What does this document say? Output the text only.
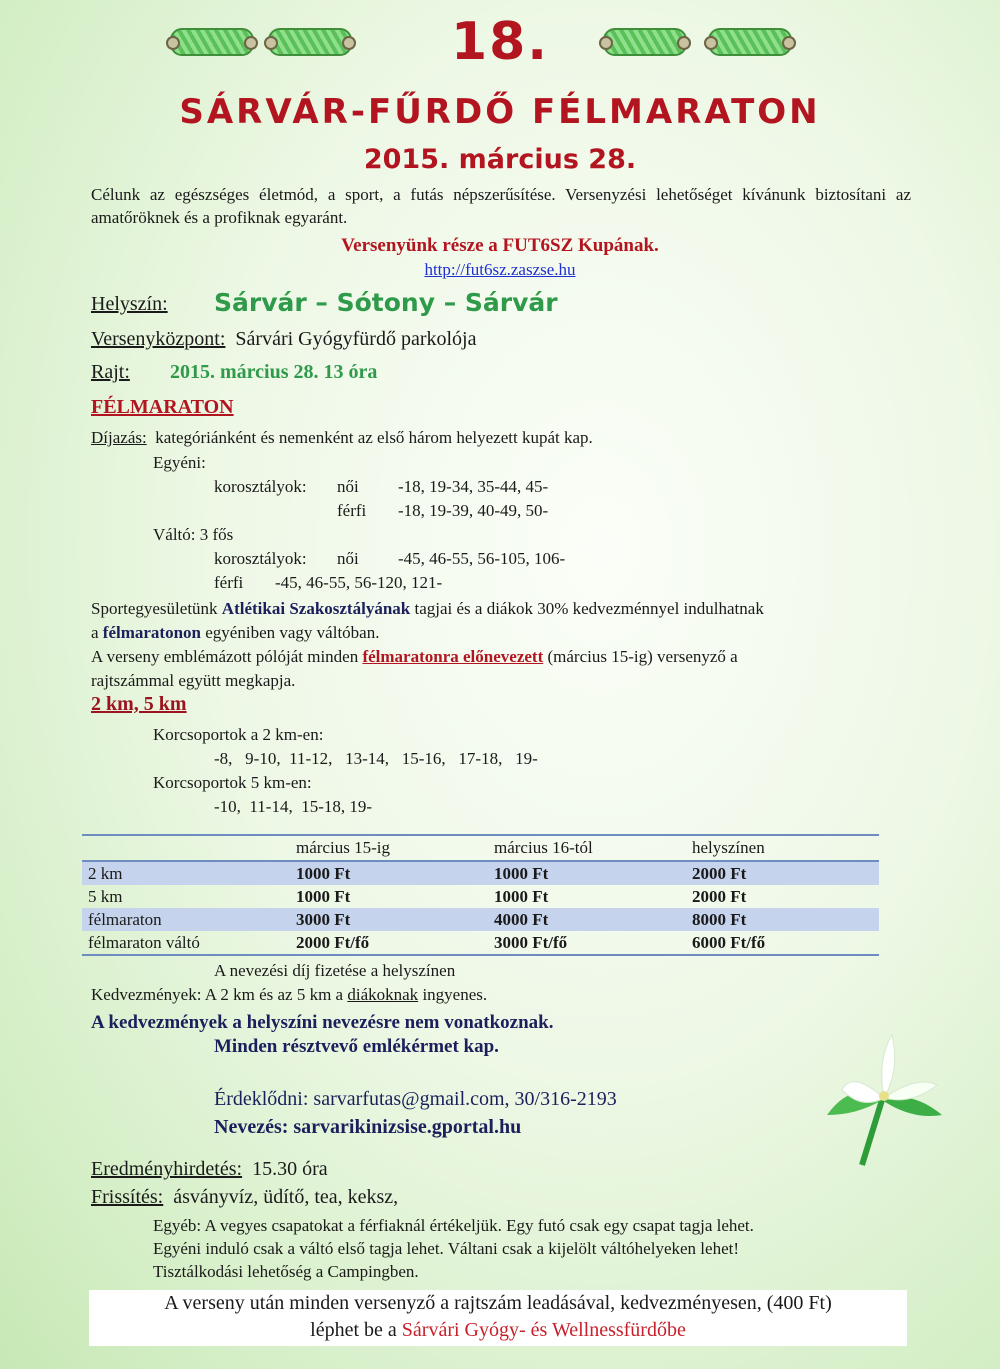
18.
SÁRVÁR-FŰRDŐ FÉLMARATON
2015. március 28.
Célunk az egészséges életmód, a sport, a futás népszerűsítése. Versenyzési lehetőséget kívánunk biztosítani az amatőröknek és a profiknak egyaránt.
Versenyünk része a FUT6SZ Kupának.
http://fut6sz.zaszse.hu
Helyszín: Sárvár – Sótony – Sárvár
Versenyközpont: Sárvári Gyógyfürdő parkolója
Rajt: 2015. március 28. 13 óra
FÉLMARATON
Díjazás: kategóriánként és nemenként az első három helyezett kupát kap.
Egyéni:
korosztályok: női -18, 19-34, 35-44, 45-
férfi -18, 19-39, 40-49, 50-
Váltó: 3 fős
korosztályok: női -45, 46-55, 56-105, 106-
férfi -45, 46-55, 56-120, 121-
Sportegyesületünk Atlétikai Szakosztályának tagjai és a diákok 30% kedvezménnyel indulhatnak
a félmaratonon egyéniben vagy váltóban.
A verseny emblémázott pólóját minden félmaratonra előnevezett (március 15-ig) versenyző a
rajtszámmal együtt megkapja.
2 km, 5 km
Korcsoportok a 2 km-en:
-8,   9-10,  11-12,   13-14,   15-16,   17-18,   19-
Korcsoportok 5 km-en:
-10,  11-14,  15-18, 19-
	március 15-ig	március 16-tól	helyszínen
2 km	1000 Ft	1000 Ft	2000 Ft
5 km	1000 Ft	1000 Ft	2000 Ft
félmaraton	3000 Ft	4000 Ft	8000 Ft
félmaraton váltó	2000 Ft/fő	3000 Ft/fő	6000 Ft/fő
A nevezési díj fizetése a helyszínen
Kedvezmények: A 2 km és az 5 km a diákoknak ingyenes.
A kedvezmények a helyszíni nevezésre nem vonatkoznak.
Minden résztvevő emlékérmet kap.
Érdeklődni: sarvarfutas@gmail.com, 30/316-2193
Nevezés: sarvarikinizsise.gportal.hu
Eredményhirdetés: 15.30 óra
Frissítés: ásványvíz, üdítő, tea, keksz,
Egyéb: A vegyes csapatokat a férfiaknál értékeljük. Egy futó csak egy csapat tagja lehet.
Egyéni induló csak a váltó első tagja lehet. Váltani csak a kijelölt váltóhelyeken lehet!
Tisztálkodási lehetőség a Campingben.
A verseny után minden versenyző a rajtszám leadásával, kedvezményesen, (400 Ft)
léphet be a Sárvári Gyógy- és Wellnessfürdőbe
